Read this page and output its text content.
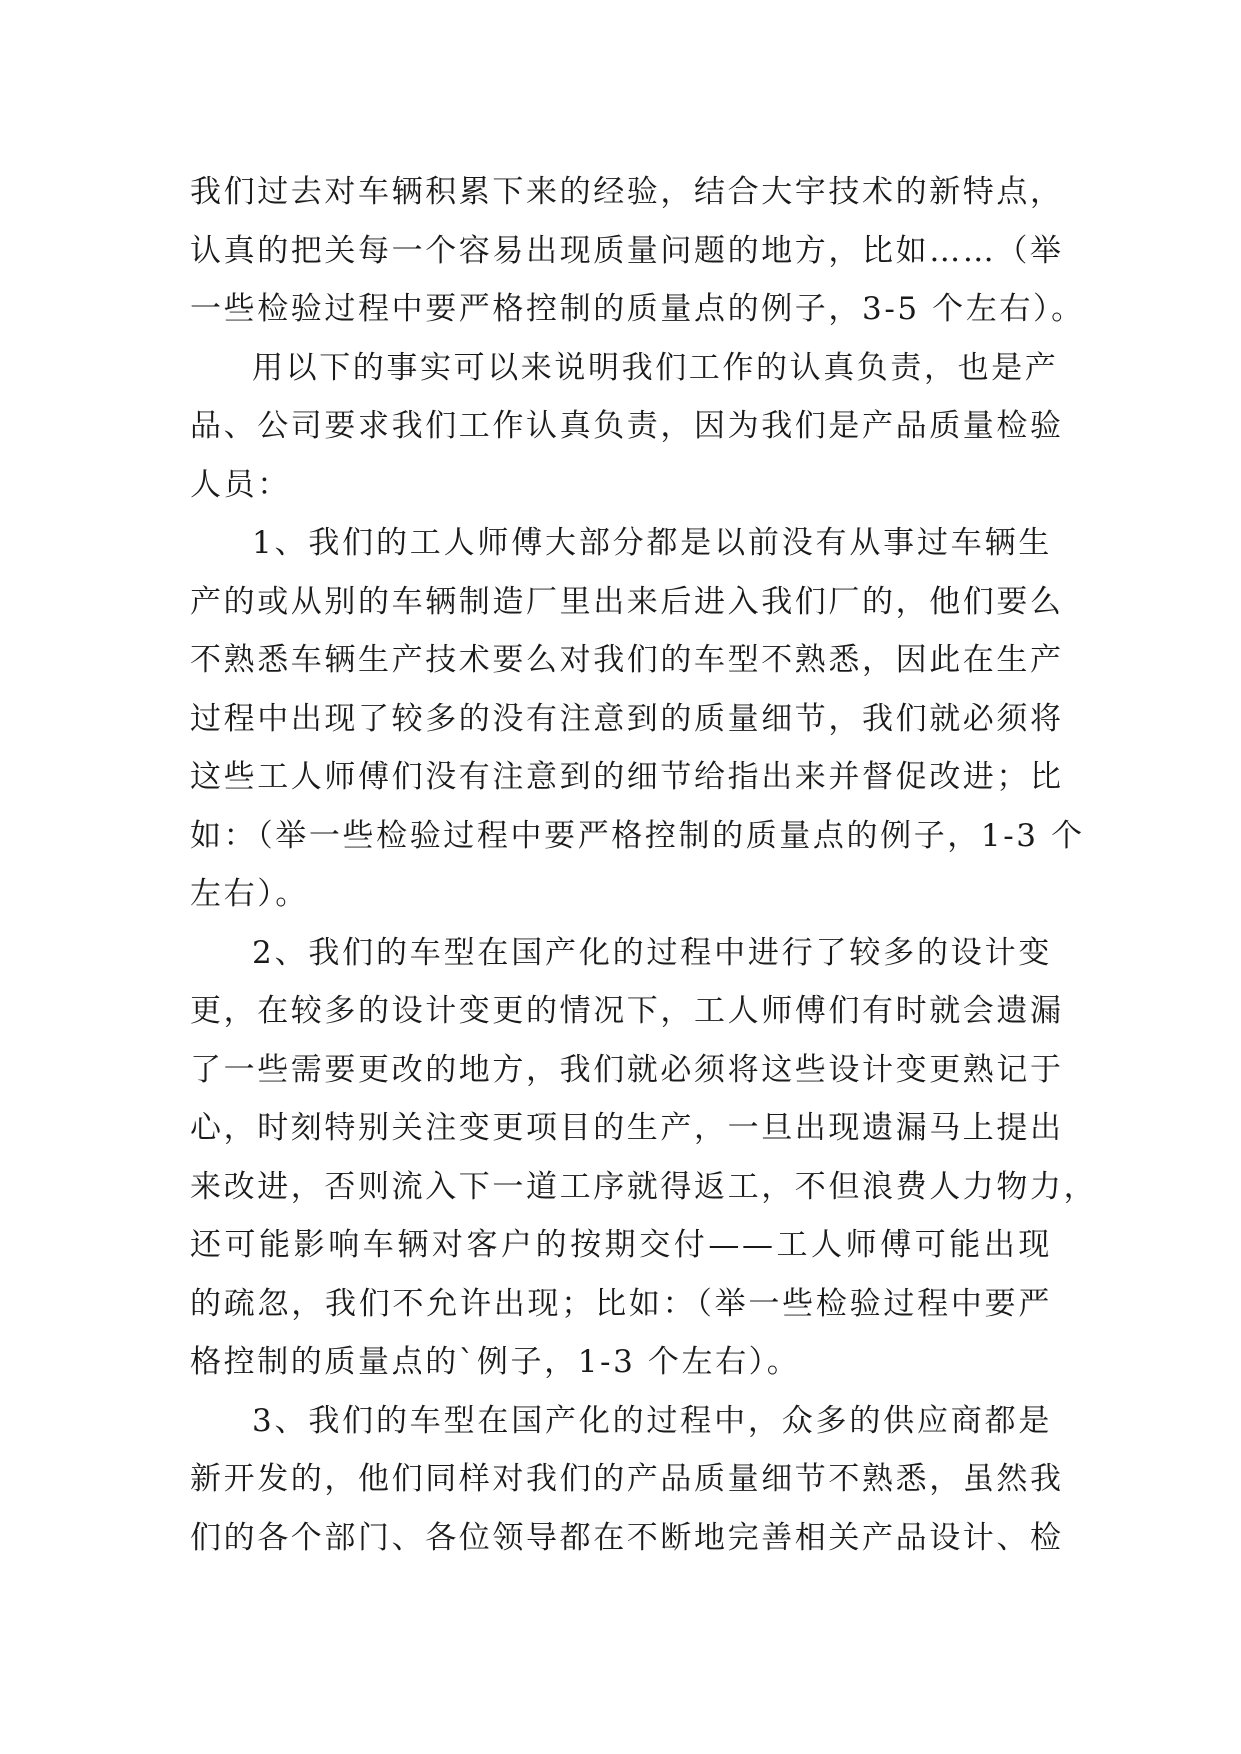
我们过去对车辆积累下来的经验，结合大宇技术的新特点，
认真的把关每一个容易出现质量问题的地方，比如……（举
一些检验过程中要严格控制的质量点的例子，3-5 个左右）。
用以下的事实可以来说明我们工作的认真负责，也是产
品、公司要求我们工作认真负责，因为我们是产品质量检验
人员：
1、我们的工人师傅大部分都是以前没有从事过车辆生
产的或从别的车辆制造厂里出来后进入我们厂的，他们要么
不熟悉车辆生产技术要么对我们的车型不熟悉，因此在生产
过程中出现了较多的没有注意到的质量细节，我们就必须将
这些工人师傅们没有注意到的细节给指出来并督促改进；比
如：（举一些检验过程中要严格控制的质量点的例子，1-3 个
左右）。
2、我们的车型在国产化的过程中进行了较多的设计变
更，在较多的设计变更的情况下，工人师傅们有时就会遗漏
了一些需要更改的地方，我们就必须将这些设计变更熟记于
心，时刻特别关注变更项目的生产，一旦出现遗漏马上提出
来改进，否则流入下一道工序就得返工，不但浪费人力物力，
还可能影响车辆对客户的按期交付——工人师傅可能出现
的疏忽，我们不允许出现；比如：（举一些检验过程中要严
格控制的质量点的`例子，1-3 个左右）。
3、我们的车型在国产化的过程中，众多的供应商都是
新开发的，他们同样对我们的产品质量细节不熟悉，虽然我
们的各个部门、各位领导都在不断地完善相关产品设计、检
